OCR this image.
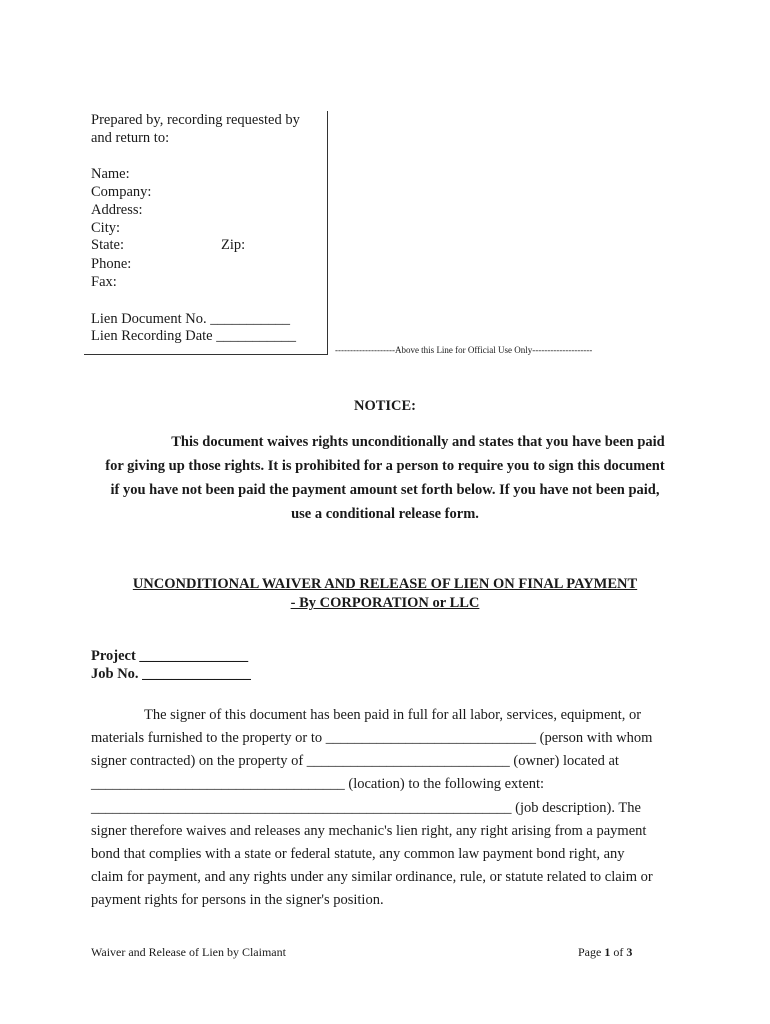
Prepared by, recording requested by
and return to:
Name:
Company:
Address:
City:
State:	Zip:
Phone:
Fax:
Lien Document No. ___________
Lien Recording Date ___________
--------------------Above this Line for Official Use Only--------------------
NOTICE:
This document waives rights unconditionally and states that you have been paid
for giving up those rights. It is prohibited for a person to require you to sign this document
if you have not been paid the payment amount set forth below. If you have not been paid,
use a conditional release form.
UNCONDITIONAL WAIVER AND RELEASE OF LIEN ON FINAL PAYMENT
- By CORPORATION or LLC
Project _______________
Job No. _______________
The signer of this document has been paid in full for all labor, services, equipment, or
materials furnished to the property or to _____________________________ (person with whom
signer contracted) on the property of ____________________________ (owner) located at
___________________________________ (location) to the following extent:
__________________________________________________________ (job description). The
signer therefore waives and releases any mechanic's lien right, any right arising from a payment
bond that complies with a state or federal statute, any common law payment bond right, any
claim for payment, and any rights under any similar ordinance, rule, or statute related to claim or
payment rights for persons in the signer's position.
Waiver and Release of Lien by Claimant	Page 1 of 3
